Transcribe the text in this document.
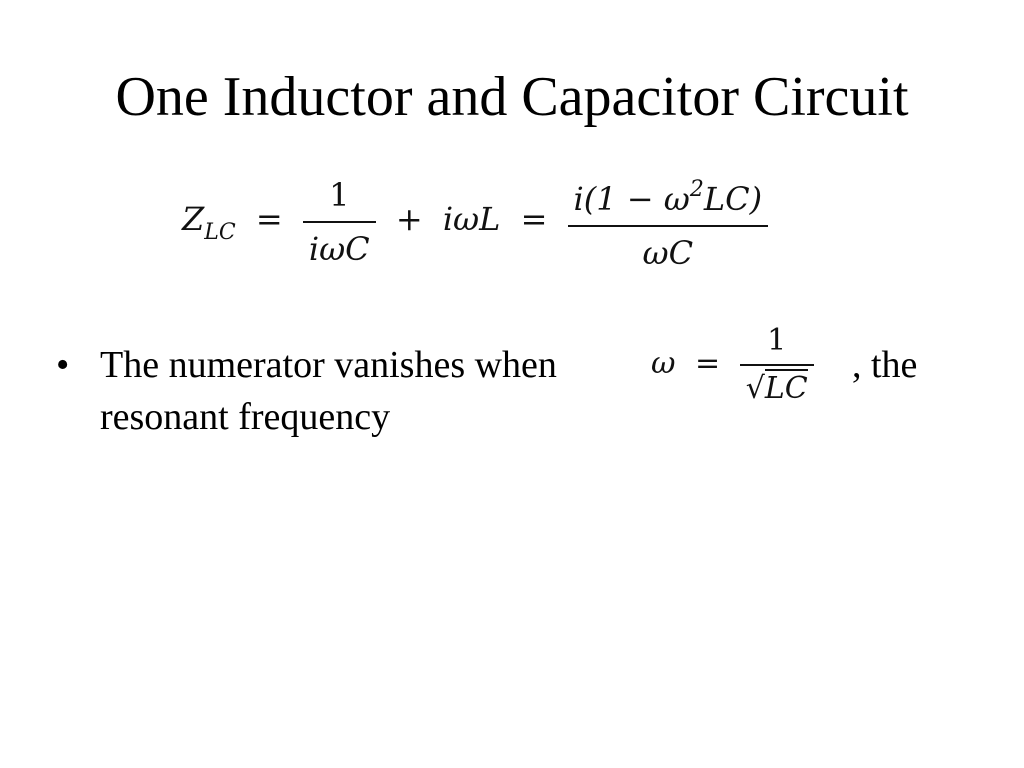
One Inductor and Capacitor Circuit
$Z_{LC} = \frac{1}{\text{iωC}} + i\omega L = \frac{i(1 - \omega^2LC)}{\omega C}$
• The numerator vanishes when	, the
resonant frequency
$\omega = \frac{1}{√LC}$
